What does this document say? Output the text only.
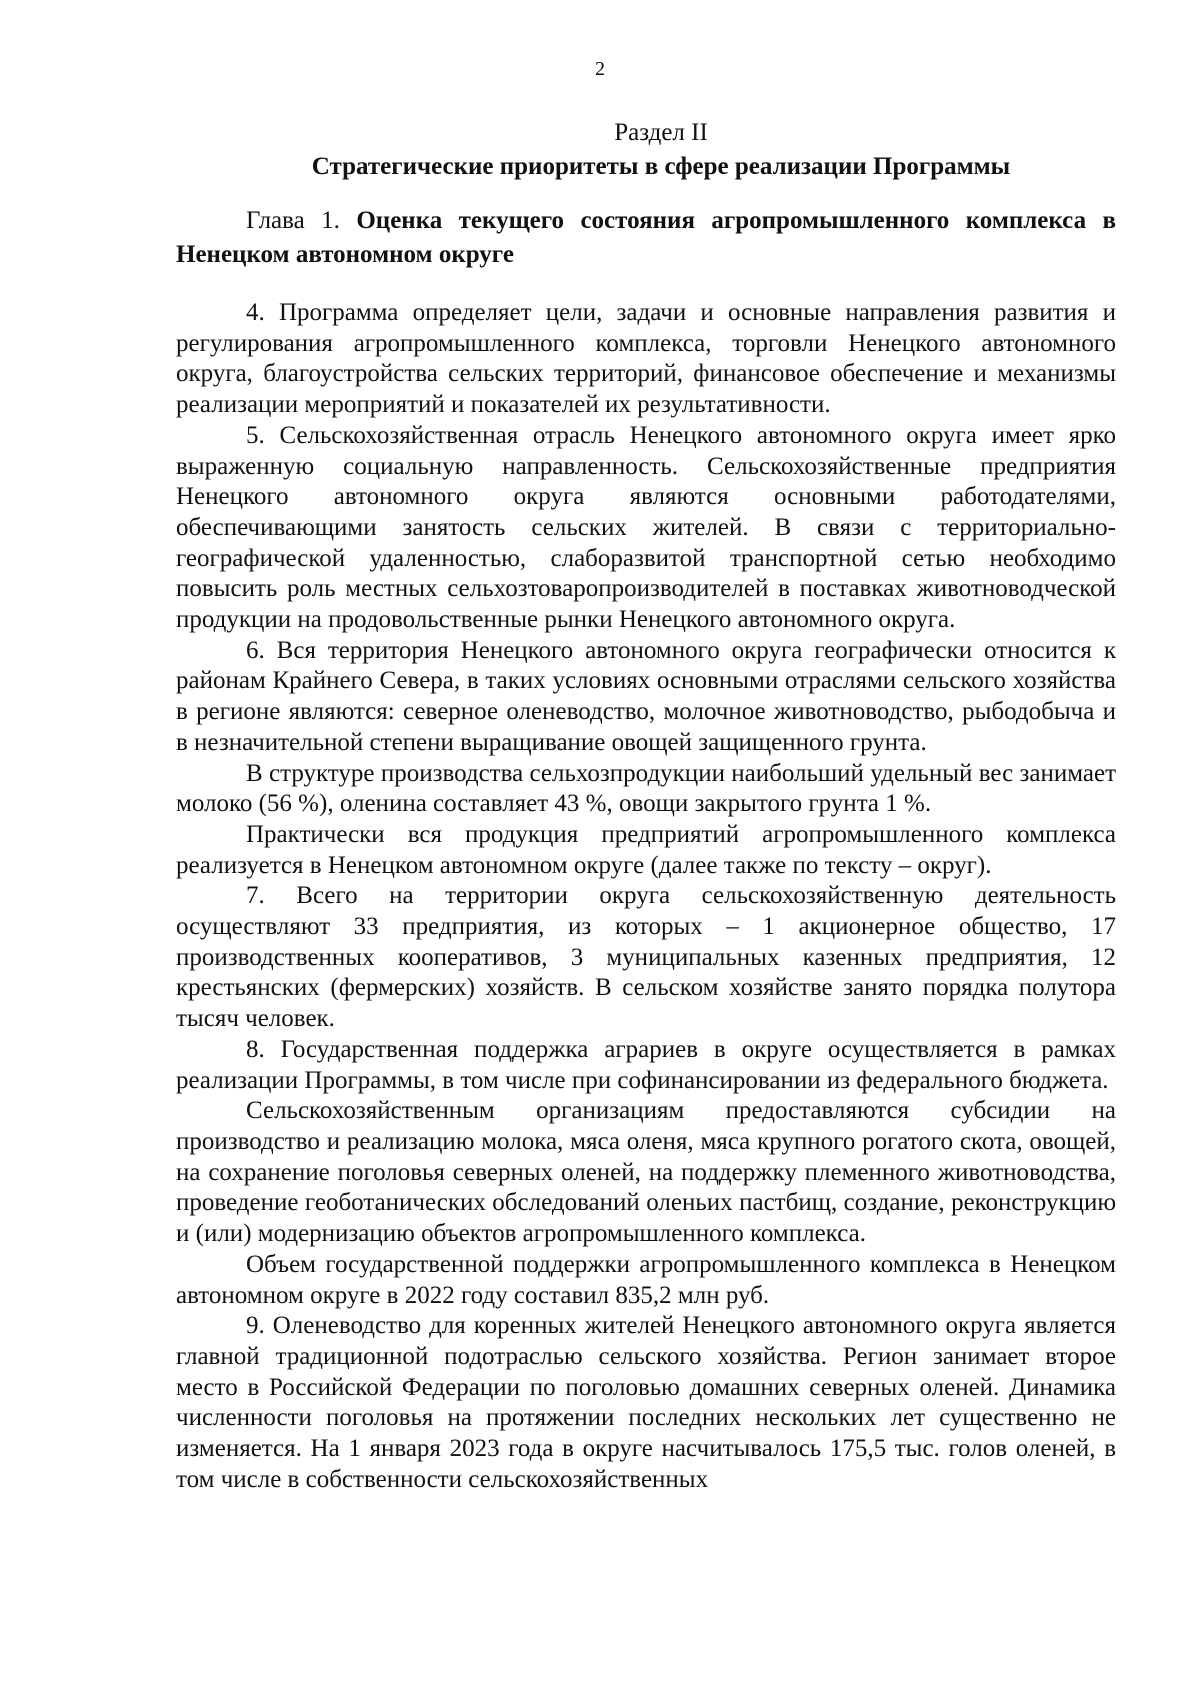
2
Раздел II
Стратегические приоритеты в сфере реализации Программы
Глава 1. Оценка текущего состояния агропромышленного комплекса в Ненецком автономном округе

4. Программа определяет цели, задачи и основные направления развития и регулирования агропромышленного комплекса, торговли Ненецкого автономного округа, благоустройства сельских территорий, финансовое обеспечение и механизмы реализации мероприятий и показателей их результативности.

5. Сельскохозяйственная отрасль Ненецкого автономного округа имеет ярко выраженную социальную направленность. Сельскохозяйственные предприятия Ненецкого автономного округа являются основными работодателями, обеспечивающими занятость сельских жителей. В связи с территориально-географической удаленностью, слаборазвитой транспортной сетью необходимо повысить роль местных сельхозтоваропроизводителей в поставках животноводческой продукции на продовольственные рынки Ненецкого автономного округа.

6. Вся территория Ненецкого автономного округа географически относится к районам Крайнего Севера, в таких условиях основными отраслями сельского хозяйства в регионе являются: северное оленеводство, молочное животноводство, рыбодобыча и в незначительной степени выращивание овощей защищенного грунта.

В структуре производства сельхозпродукции наибольший удельный вес занимает молоко (56 %), оленина составляет 43 %, овощи закрытого грунта 1 %.

Практически вся продукция предприятий агропромышленного комплекса реализуется в Ненецком автономном округе (далее также по тексту – округ).

7. Всего на территории округа сельскохозяйственную деятельность осуществляют 33 предприятия, из которых – 1 акционерное общество, 17 производственных кооперативов, 3 муниципальных казенных предприятия, 12 крестьянских (фермерских) хозяйств. В сельском хозяйстве занято порядка полутора тысяч человек.

8. Государственная поддержка аграриев в округе осуществляется в рамках реализации Программы, в том числе при софинансировании из федерального бюджета.

Сельскохозяйственным организациям предоставляются субсидии на производство и реализацию молока, мяса оленя, мяса крупного рогатого скота, овощей, на сохранение поголовья северных оленей, на поддержку племенного животноводства, проведение геоботанических обследований оленьих пастбищ, создание, реконструкцию и (или) модернизацию объектов агропромышленного комплекса.

Объем государственной поддержки агропромышленного комплекса в Ненецком автономном округе в 2022 году составил 835,2 млн руб.

9. Оленеводство для коренных жителей Ненецкого автономного округа является главной традиционной подотраслью сельского хозяйства. Регион занимает второе место в Российской Федерации по поголовью домашних северных оленей. Динамика численности поголовья на протяжении последних нескольких лет существенно не изменяется. На 1 января 2023 года в округе насчитывалось 175,5 тыс. голов оленей, в том числе в собственности сельскохозяйственных
